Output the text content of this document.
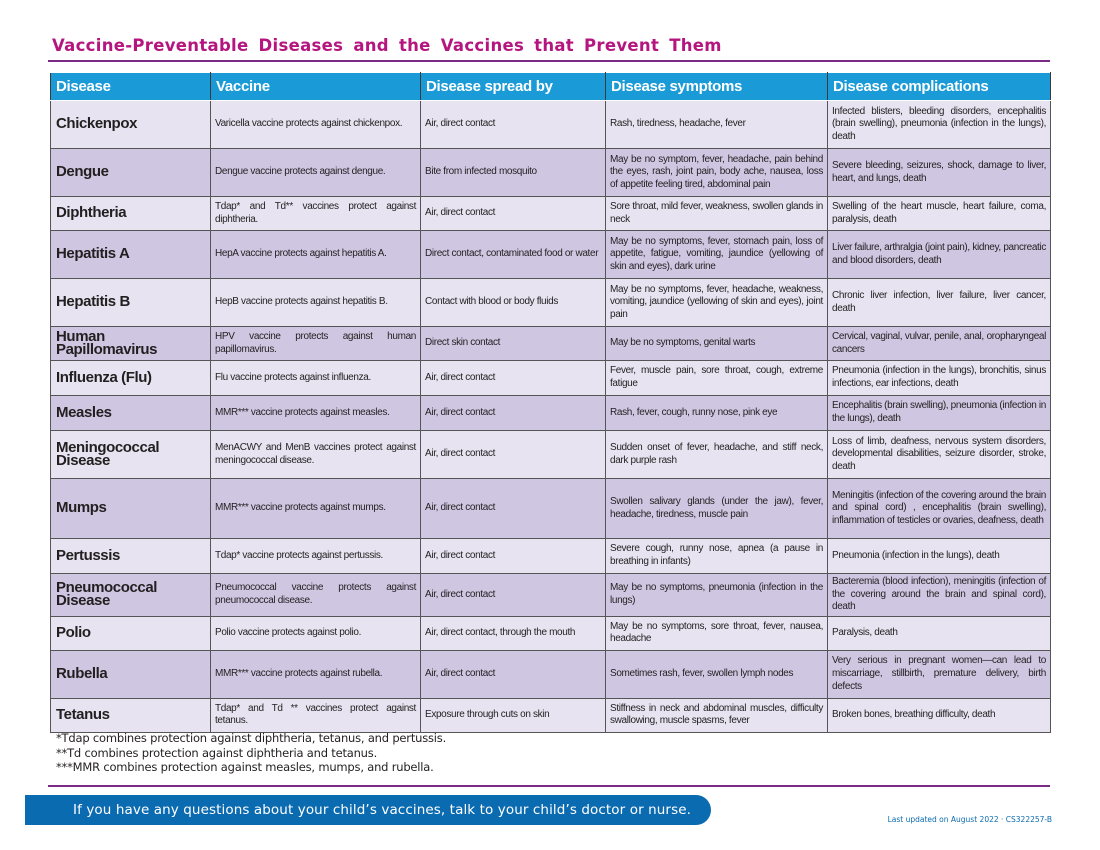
Vaccine-Preventable Diseases and the Vaccines that Prevent Them
Disease	Vaccine	Disease spread by	Disease symptoms	Disease complications
Chickenpox	Varicella vaccine protects against chickenpox.	Air, direct contact	Rash, tiredness, headache, fever	Infected blisters, bleeding disorders, encephalitis (brain swelling), pneumonia (infection in the lungs), death
Dengue	Dengue vaccine protects against dengue.	Bite from infected mosquito	May be no symptom, fever, headache, pain behind the eyes, rash, joint pain, body ache, nausea, loss of appetite feeling tired, abdominal pain	Severe bleeding, seizures, shock, damage to liver, heart, and lungs, death
Diphtheria	Tdap* and Td** vaccines protect against diphtheria.	Air, direct contact	Sore throat, mild fever, weakness, swollen glands in neck	Swelling of the heart muscle, heart failure, coma, paralysis, death
Hepatitis A	HepA vaccine protects against hepatitis A.	Direct contact, contaminated food or water	May be no symptoms, fever, stomach pain, loss of appetite, fatigue, vomiting, jaundice (yellowing of skin and eyes), dark urine	Liver failure, arthralgia (joint pain), kidney, pancreatic and blood disorders, death
Hepatitis B	HepB vaccine protects against hepatitis B.	Contact with blood or body fluids	May be no symptoms, fever, headache, weakness, vomiting, jaundice (yellowing of skin and eyes), joint pain	Chronic liver infection, liver failure, liver cancer, death
Human Papillomavirus	HPV vaccine protects against human papillomavirus.	Direct skin contact	May be no symptoms, genital warts	Cervical, vaginal, vulvar, penile, anal, oropharyngeal cancers
Influenza (Flu)	Flu vaccine protects against influenza.	Air, direct contact	Fever, muscle pain, sore throat, cough, extreme fatigue	Pneumonia (infection in the lungs), bronchitis, sinus infections, ear infections, death
Measles	MMR*** vaccine protects against measles.	Air, direct contact	Rash, fever, cough, runny nose, pink eye	Encephalitis (brain swelling), pneumonia (infection in the lungs), death
Meningococcal Disease	MenACWY and MenB vaccines protect against meningococcal disease.	Air, direct contact	Sudden onset of fever, headache, and stiff neck, dark purple rash	Loss of limb, deafness, nervous system disorders, developmental disabilities, seizure disorder, stroke, death
Mumps	MMR*** vaccine protects against mumps.	Air, direct contact	Swollen salivary glands (under the jaw), fever, headache, tiredness, muscle pain	Meningitis (infection of the covering around the brain and spinal cord) , encephalitis (brain swelling), inflammation of testicles or ovaries, deafness, death
Pertussis	Tdap* vaccine protects against pertussis.	Air, direct contact	Severe cough, runny nose, apnea (a pause in breathing in infants)	Pneumonia (infection in the lungs), death
Pneumococcal Disease	Pneumococcal vaccine protects against pneumococcal disease.	Air, direct contact	May be no symptoms, pneumonia (infection in the lungs)	Bacteremia (blood infection), meningitis (infection of the covering around the brain and spinal cord), death
Polio	Polio vaccine protects against polio.	Air, direct contact, through the mouth	May be no symptoms, sore throat, fever, nausea, headache	Paralysis, death
Rubella	MMR*** vaccine protects against rubella.	Air, direct contact	Sometimes rash, fever, swollen lymph nodes	Very serious in pregnant women—can lead to miscarriage, stillbirth, premature delivery, birth defects
Tetanus	Tdap* and Td ** vaccines protect against tetanus.	Exposure through cuts on skin	Stiffness in neck and abdominal muscles, difficulty swallowing, muscle spasms, fever	Broken bones, breathing difficulty, death
*Tdap combines protection against diphtheria, tetanus, and pertussis.
**Td combines protection against diphtheria and tetanus.
***MMR combines protection against measles, mumps, and rubella.
If you have any questions about your child’s vaccines, talk to your child’s doctor or nurse.
Last updated on August 2022 · CS322257-B
